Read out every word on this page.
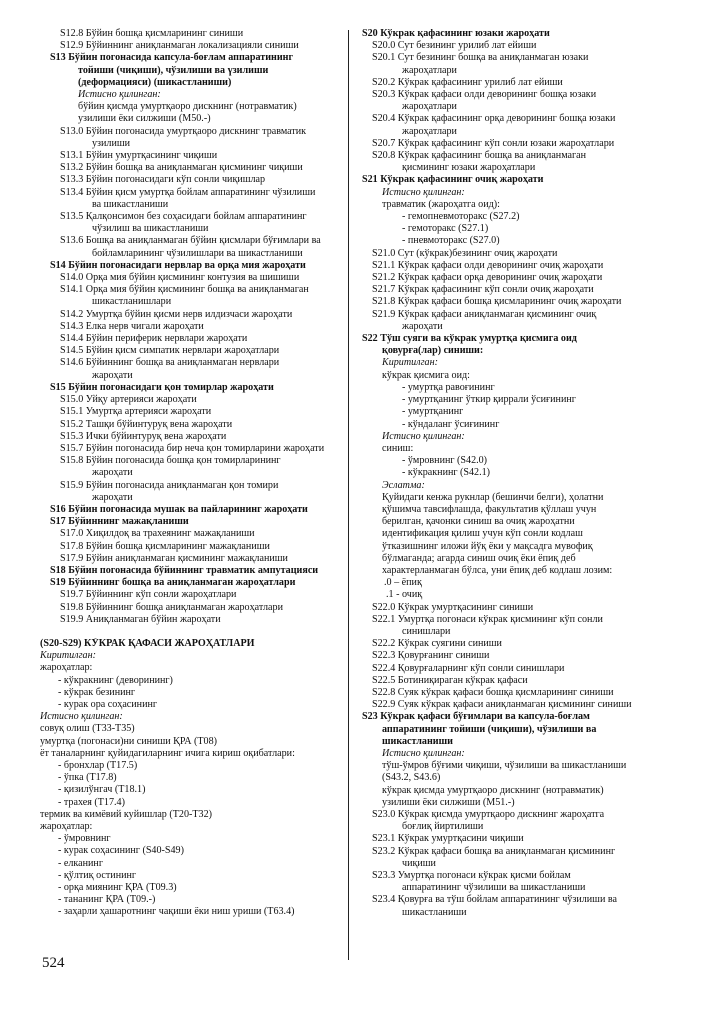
S12.8 Бўйин бошқа қисмларининг синиши
S12.9 Бўйиннинг аниқланмаган локализацияли синиши
S13 Бўйин погонасида капсула-боғлам аппаратининг
тойиши (чиқиши), чўзилиши ва үзилиши
(деформацияси) (шикастланиши)
Истисно қилинган:
бўйин қисмда умуртқаоро дискнинг (нотравматик)
узилиши ёки силжиши (M50.-)
S13.0 Бўйин погонасида умуртқаоро дискнинг травматик
узилиши
S13.1 Бўйин умуртқасининг чиқиши
S13.2 Бўйин бошқа ва аниқланмаган қисмининг чиқиши
S13.3 Бўйин погонасидаги кўп сонли чиқишлар
S13.4 Бўйин қисм умуртқа бойлам аппаратининг чўзилиши
ва шикастланиши
S13.5 Қалқонсимон без соҳасидаги бойлам аппаратининг
чўзилиш ва шикастланиши
S13.6 Бошқа ва аниқланмаган бўйин қисмлари бўғимлари ва
бойламларининг чўзилишлари ва шикастланиши
S14 Бўйин погонасидаги нервлар ва орқа мия жароҳати
S14.0 Орқа мия бўйин қисмининг контузия ва шишиши
S14.1 Орқа мия бўйин қисмининг бошқа ва аниқланмаган
шикастланишлари
S14.2 Умуртқа бўйин қисми нерв илдизчаси жароҳати
S14.3 Елка нерв чигали жароҳати
S14.4 Бўйин периферик нервлари жароҳати
S14.5 Бўйин қисм симпатик нервлари жароҳатлари
S14.6 Бўйиннинг бошқа ва аниқланмаган нервлари
жароҳати
S15 Бўйин погонасидаги қон томирлар жароҳати
S15.0 Уйқу артерияси жароҳати
S15.1 Умуртқа артерияси жароҳати
S15.2 Ташқи бўйинтуруқ вена жароҳати
S15.3 Ички бўйинтуруқ вена жароҳати
S15.7 Бўйин погонасида бир неча қон томирларини жароҳати
S15.8 Бўйин погонасида бошқа қон томирларининг
жароҳати
S15.9 Бўйин погонасида аниқланмаган қон томири
жароҳати
S16 Бўйин погонасида мушак ва пайларининг жароҳати
S17 Бўйиннинг мажақланиши
S17.0 Хиқилдоқ ва трахеянинг мажақланиши
S17.8 Бўйин бошқа қисмларининг мажақланиши
S17.9 Бўйин аниқланмаган қисмининг мажақланиши
S18 Бўйин погонасида бўйиннинг травматик ампутацияси
S19 Бўйиннинг бошқа ва аниқланмаган жароҳатлари
S19.7 Бўйиннинг кўп сонли жароҳатлари
S19.8 Бўйиннинг бошқа аниқланмаган жароҳатлари
S19.9 Аниқланмаган бўйин жароҳати
(S20-S29) КЎКРАК ҚАФАСИ ЖАРОҲАТЛАРИ
Киритилган:
жароҳатлар:
- кўкракнинг (деворининг)
- кўкрак безининг
- курак ора соҳасининг
Истисно қилинган:
совуқ олиш (T33-T35)
умуртқа (погонаси)ни синиши ҚРА (T08)
ёт таналарнинг қуйидагиларнинг ичига кириш оқибатлари:
- бронхлар (T17.5)
- ўпка (T17.8)
- қизилўнгач (T18.1)
- трахея (T17.4)
термик ва кимёвий куйишлар (T20-T32)
жароҳатлар:
- ўмровнинг
- курак соҳасининг (S40-S49)
- елканинг
- қўлтиқ остининг
- орқа миянинг ҚРА (T09.3)
- тананинг ҚРА (T09.-)
- заҳарли ҳашаротнинг чақиши ёки ниш уриши (T63.4)
S20 Кўкрак қафасининг юзаки жароҳати
S20.0 Сут безининг урилиб лат ейиши
S20.1 Сут безининг бошқа ва аниқланмаган юзаки
жароҳатлари
S20.2 Кўкрак қафасининг урилиб лат ейиши
S20.3 Кўкрак қафаси олди деворининг бошқа юзаки
жароҳатлари
S20.4 Кўкрак қафасининг орқа деворининг бошқа юзаки
жароҳатлари
S20.7 Кўкрак қафасининг кўп сонли юзаки жароҳатлари
S20.8 Кўкрак қафасининг бошқа ва аниқланмаган
қисмининг юзаки жароҳатлари
S21 Кўкрак қафасининг очиқ жароҳати
Истисно қилинган:
травматик (жароҳатга оид):
- гемопневмоторакс (S27.2)
- гемоторакс (S27.1)
- пневмоторакс (S27.0)
S21.0 Сут (кўкрак)безининг очиқ жароҳати
S21.1 Кўкрак қафаси олди деворининг очиқ жароҳати
S21.2 Кўкрак қафаси орқа деворининг очиқ жароҳати
S21.7 Кўкрак қафасининг кўп сонли очиқ жароҳати
S21.8 Кўкрак қафаси бошқа қисмларининг очиқ жароҳати
S21.9 Кўкрак қафаси аниқланмаган қисмининг очиқ
жароҳати
S22 Тўш суяги ва кўкрак умуртқа қисмига оид
қовурға(лар) синиши:
Киритилган:
кўкрак қисмига оид:
- умуртқа равоғининг
- умуртқанинг ўткир қиррали ўсиғининг
- умуртқанинг
- кўндаланг ўсиғининг
Истисно қилинган:
синиш:
- ўмровнинг (S42.0)
- кўкракнинг (S42.1)
Эслатма:
Қуйидаги кенжа рукнлар (бешинчи белги), ҳолатни
қўшимча тавсифлашда, факультатив қўллаш учун
берилган, қачонки синиш ва очиқ жароҳатни
идентификация қилиш учун кўп сонли кодлаш
ўтказишнинг иложи йўқ ёки у мақсадга мувофиқ
бўлмаганда; агарда синиш очиқ ёки ёпиқ деб
характерланмаган бўлса, уни ёпиқ деб кодлаш лозим:
.0 – ёпиқ
.1 - очиқ
S22.0 Кўкрак умуртқасининг синиши
S22.1 Умуртқа погонаси кўкрак қисмининг кўп сонли
синишлари
S22.2 Кўкрак суягини синиши
S22.3 Қовурғанинг синиши
S22.4 Қовурғаларнинг кўп сонли синишлари
S22.5 Ботиниқираган кўкрак қафаси
S22.8 Суяк кўкрак қафаси бошқа қисмларининг синиши
S22.9 Суяк кўкрак қафаси аниқланмаган қисмининг синиши
S23 Кўкрак қафаси бўғимлари ва капсула-боғлам
аппаратининг тойиши (чиқиши), чўзилиши ва
шикастланиши
Истисно қилинган:
тўш-ўмров бўғими чиқиши, чўзилиши ва шикастланиши
(S43.2, S43.6)
кўкрак қисмда умуртқаоро дискнинг (нотравматик)
узилиши ёки силжиши (M51.-)
S23.0 Кўкрак қисмда умуртқаоро дискнинг жароҳатга
боғлиқ йиртилиши
S23.1 Кўкрак умуртқасини чиқиши
S23.2 Кўкрак қафаси бошқа ва аниқланмаган қисмининг
чиқиши
S23.3 Умуртқа погонаси кўкрак қисми бойлам
аппаратининг чўзилиши ва шикастланиши
S23.4 Қовурға ва тўш бойлам аппаратининг чўзилиши ва
шикастланиши
524
